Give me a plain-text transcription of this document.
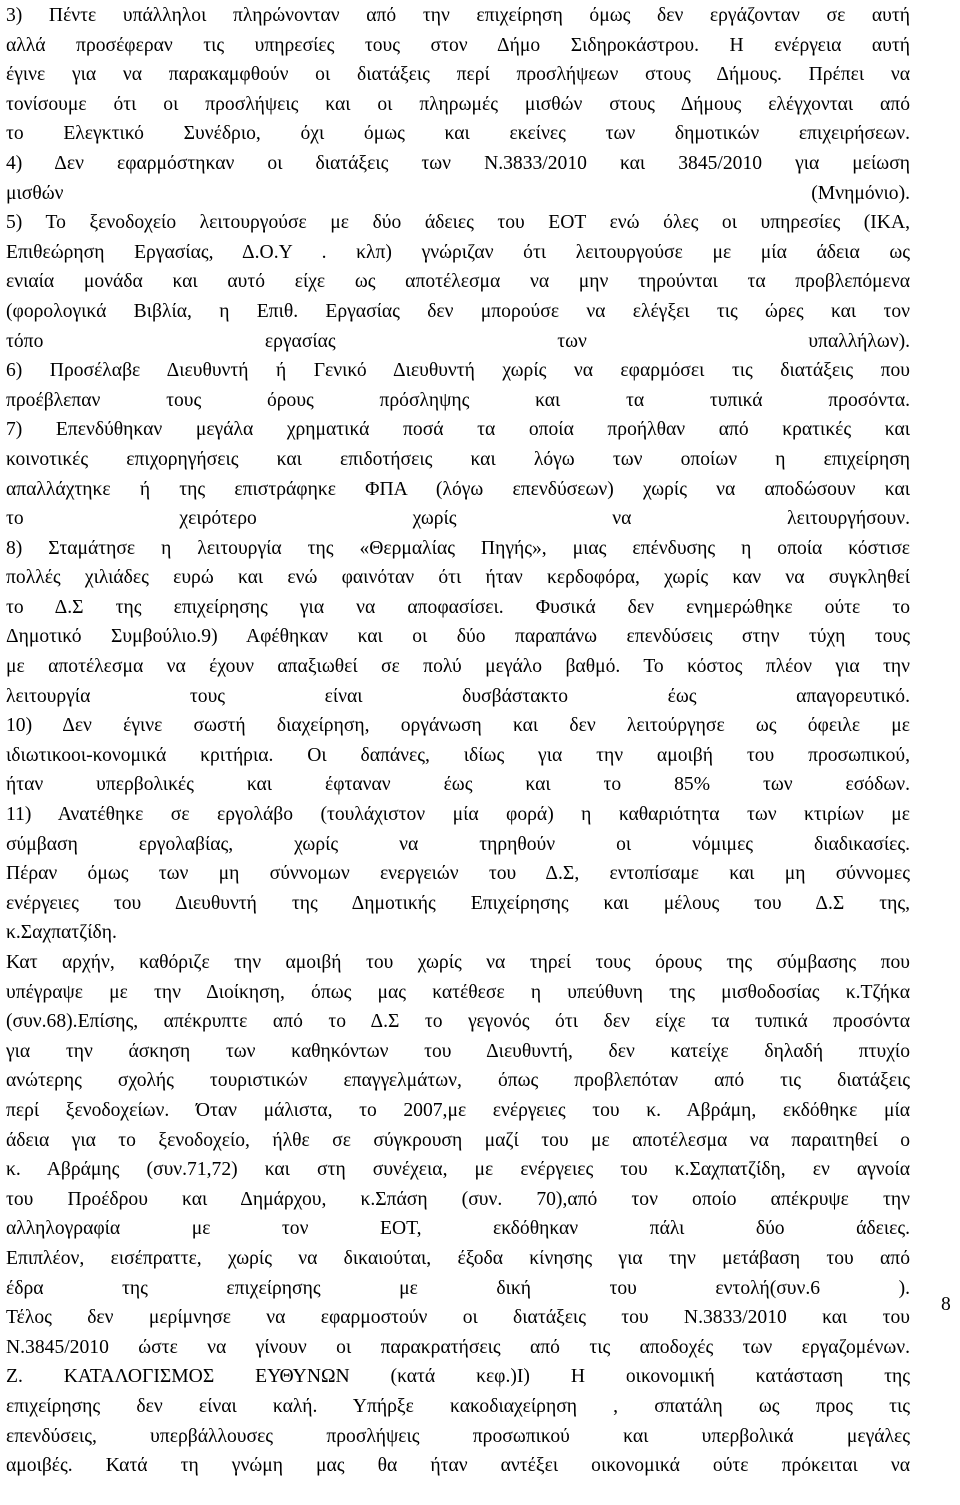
3) Πέντε υπάλληλοι πληρώνονταν από την επιχείρηση όμως δεν εργάζονταν σε αυτή
αλλά προσέφεραν τις υπηρεσίες τους στον Δήμο Σιδηροκάστρου. Η ενέργεια αυτή
έγινε για να παρακαμφθούν οι διατάξεις περί προσλήψεων στους Δήμους. Πρέπει να
τονίσουμε ότι οι προσλήψεις και οι πληρωμές μισθών στους Δήμους ελέγχονται από
το Ελεγκτικό Συνέδριο, όχι όμως και εκείνες των δημοτικών επιχειρήσεων.
4) Δεν εφαρμόστηκαν οι διατάξεις των Ν.3833/2010 και 3845/2010 για μείωση
μισθών (Μνημόνιο).
5) Το ξενοδοχείο λειτουργούσε με δύο άδειες του ΕΟΤ ενώ όλες οι υπηρεσίες (ΙΚΑ,
Επιθεώρηση Εργασίας, Δ.Ο.Υ . κλπ) γνώριζαν ότι λειτουργούσε με μία άδεια ως
ενιαία μονάδα και αυτό είχε ως αποτέλεσμα να μην τηρούνται τα προβλεπόμενα
(φορολογικά Βιβλία, η Επιθ. Εργασίας δεν μπορούσε να ελέγξει τις ώρες και τον
τόπο εργασίας των υπαλλήλων).
6) Προσέλαβε Διευθυντή ή Γενικό Διευθυντή χωρίς να εφαρμόσει τις διατάξεις που
προέβλεπαν τους όρους πρόσληψης και τα τυπικά προσόντα.
7) Επενδύθηκαν μεγάλα χρηματικά ποσά τα οποία προήλθαν από κρατικές και
κοινοτικές επιχορηγήσεις και επιδοτήσεις και λόγω των οποίων η επιχείρηση
απαλλάχτηκε ή της επιστράφηκε ΦΠΑ (λόγω επενδύσεων) χωρίς να αποδώσουν και
το χειρότερο χωρίς να λειτουργήσουν.
8) Σταμάτησε η λειτουργία της «Θερμαλίας Πηγής», μιας επένδυσης η οποία κόστισε
πολλές χιλιάδες ευρώ και ενώ φαινόταν ότι ήταν κερδοφόρα, χωρίς καν να συγκληθεί
το Δ.Σ της επιχείρησης για να αποφασίσει. Φυσικά δεν ενημερώθηκε ούτε το
Δημοτικό Συμβούλιο.9) Αφέθηκαν και οι δύο παραπάνω επενδύσεις στην τύχη τους
με αποτέλεσμα να έχουν απαξιωθεί σε πολύ μεγάλο βαθμό. Το κόστος πλέον για την
λειτουργία τους είναι δυσβάστακτο έως απαγορευτικό.
10) Δεν έγινε σωστή διαχείρηση, οργάνωση και δεν λειτούργησε ως όφειλε με
ιδιωτικοοι-κονομικά κριτήρια. Οι δαπάνες, ιδίως για την αμοιβή του προσωπικού,
ήταν υπερβολικές και έφταναν έως και το 85% των εσόδων.
11) Ανατέθηκε σε εργολάβο (τουλάχιστον μία φορά) η καθαριότητα των κτιρίων με
σύμβαση εργολαβίας, χωρίς να τηρηθούν οι νόμιμες διαδικασίες.
Πέραν όμως των μη σύννομων ενεργειών του Δ.Σ, εντοπίσαμε και μη σύννομες
ενέργειες του Διευθυντή της Δημοτικής Επιχείρησης και μέλους του Δ.Σ της,
κ.Σαχπατζίδη.
Κατ αρχήν, καθόριζε την αμοιβή του χωρίς να τηρεί τους όρους της σύμβασης που
υπέγραψε με την Διοίκηση, όπως μας κατέθεσε η υπεύθυνη της μισθοδοσίας κ.Τζήκα
(συν.68).Επίσης, απέκρυπτε από το Δ.Σ το γεγονός ότι δεν είχε τα τυπικά προσόντα
για την άσκηση των καθηκόντων του Διευθυντή, δεν κατείχε δηλαδή πτυχίο
ανώτερης σχολής τουριστικών επαγγελμάτων, όπως προβλεπόταν από τις διατάξεις
περί ξενοδοχείων. Όταν μάλιστα, το 2007,με ενέργειες του κ. Αβράμη, εκδόθηκε μία
άδεια για το ξενοδοχείο, ήλθε σε σύγκρουση μαζί του με αποτέλεσμα να παραιτηθεί ο
κ. Αβράμης (συν.71,72) και στη συνέχεια, με ενέργειες του κ.Σαχπατζίδη, εν αγνοία
του Προέδρου και Δημάρχου, κ.Σπάση (συν. 70),από τον οποίο απέκρυψε την
αλληλογραφία με τον ΕΟΤ, εκδόθηκαν πάλι δύο άδειες.
Επιπλέον, εισέπραττε, χωρίς να δικαιούται, έξοδα κίνησης για την μετάβαση του από
έδρα της επιχείρησης με δική του εντολή(συν.6 ).
Τέλος δεν μερίμνησε να εφαρμοστούν οι διατάξεις του Ν.3833/2010 και του
Ν.3845/2010 ώστε να γίνουν οι παρακρατήσεις από τις αποδοχές των εργαζομένων.
Ζ. ΚΑΤΑΛΟΓΙΣΜΟΣ ΕΥΘΥΝΩΝ (κατά κεφ.)Ι) Η οικονομική κατάσταση της
επιχείρησης δεν είναι καλή. Υπήρξε κακοδιαχείρηση , σπατάλη ως προς τις
επενδύσεις, υπερβάλλουσες προσλήψεις προσωπικού και υπερβολικά μεγάλες
αμοιβές. Κατά τη γνώμη μας θα ήταν αντέξει οικονομικά ούτε πρόκειται να
8
